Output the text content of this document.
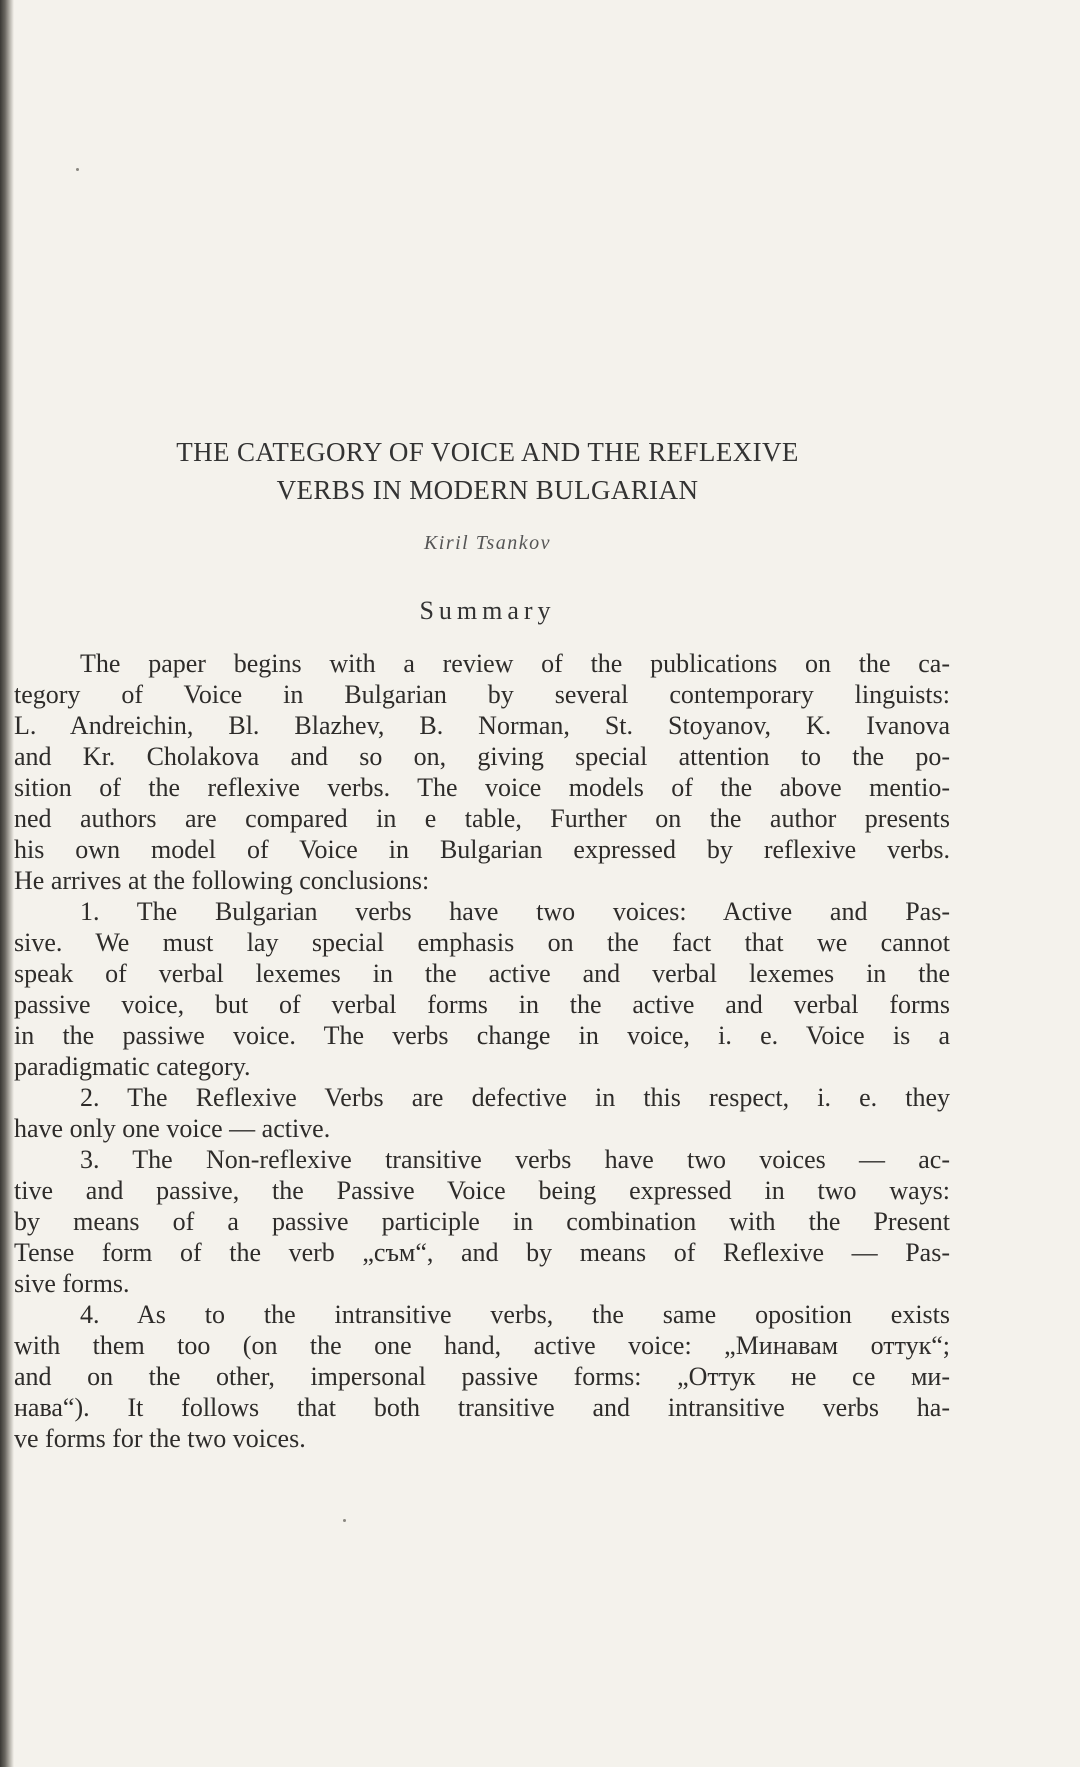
THE CATEGORY OF VOICE AND THE REFLEXIVE
VERBS IN MODERN BULGARIAN
Kiril Tsankov
Summary
The paper begins with a review of the publications on the ca-
tegory of Voice in Bulgarian by several contemporary linguists:
L. Andreichin, Bl. Blazhev, B. Norman, St. Stoyanov, K. Ivanova
and Kr. Cholakova and so on, giving special attention to the po-
sition of the reflexive verbs. The voice models of the above mentio-
ned authors are compared in e table, Further on the author presents
his own model of Voice in Bulgarian expressed by reflexive verbs.
He arrives at the following conclusions:
1. The Bulgarian verbs have two voices: Active and Pas-
sive. We must lay special emphasis on the fact that we cannot
speak of verbal lexemes in the active and verbal lexemes in the
passive voice, but of verbal forms in the active and verbal forms
in the passiwe voice. The verbs change in voice, i. e. Voice is a
paradigmatic category.
2. The Reflexive Verbs are defective in this respect, i. e. they
have only one voice — active.
3. The Non-reflexive transitive verbs have two voices — ac-
tive and passive, the Passive Voice being expressed in two ways:
by means of a passive participle in combination with the Present
Tense form of the verb „съм“, and by means of Reflexive — Pas-
sive forms.
4. As to the intransitive verbs, the same oposition exists
with them too (on the one hand, active voice: „Минавам оттук“;
and on the other, impersonal passive forms: „Оттук не се ми-
нава“). It follows that both transitive and intransitive verbs ha-
ve forms for the two voices.
